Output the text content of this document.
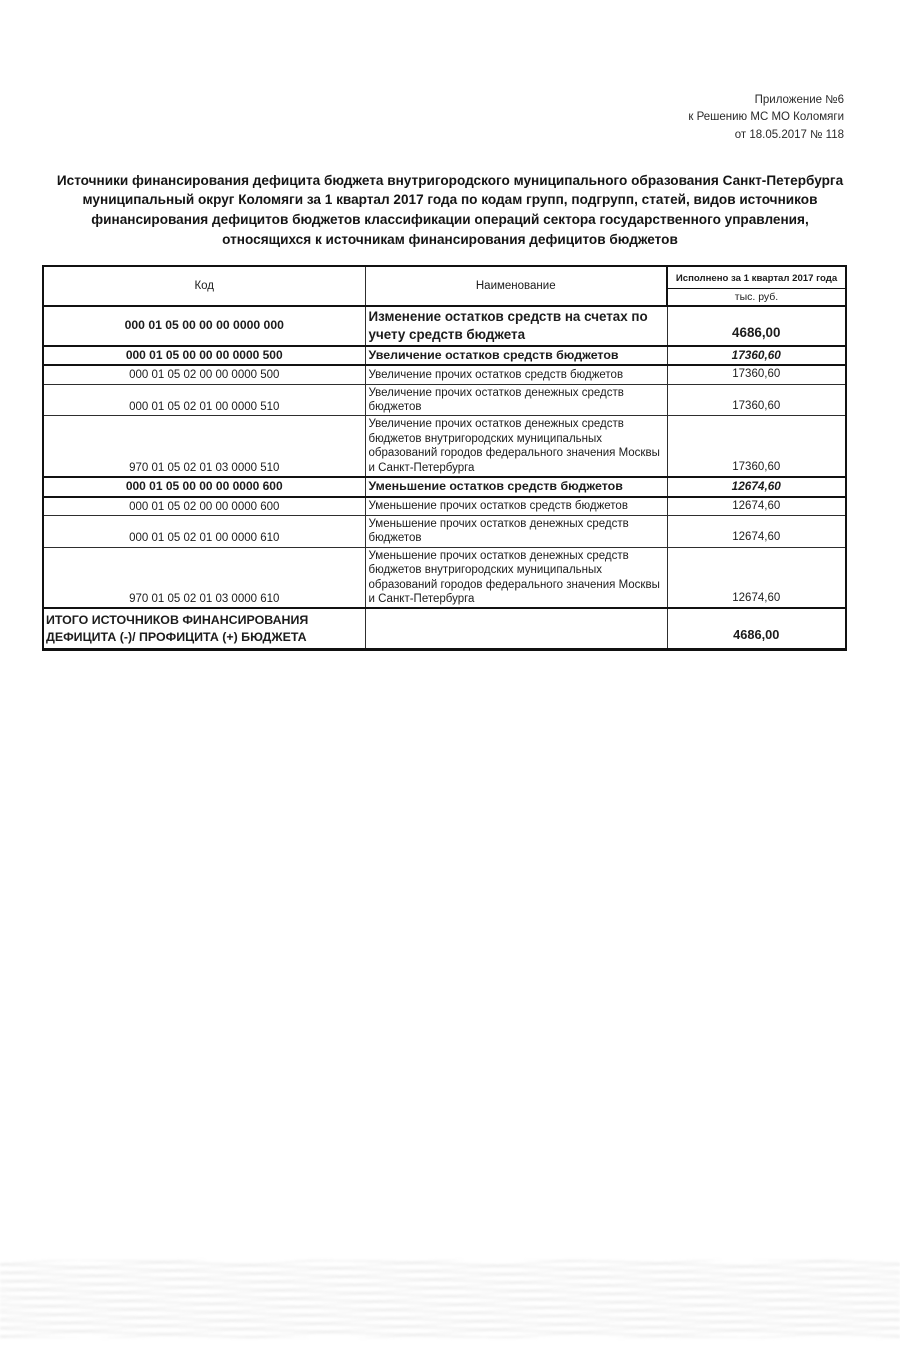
Приложение №6
к Решению МС МО Коломяги
от 18.05.2017 № 118
Источники финансирования дефицита бюджета внутригородского муниципального образования Санкт-Петербурга муниципальный округ Коломяги за 1 квартал 2017 года по кодам групп, подгрупп, статей, видов источников финансирования дефицитов бюджетов классификации операций сектора государственного управления, относящихся к источникам финансирования дефицитов бюджетов
Код	Наименование	Исполнено за 1 квартал 2017 года
тыс. руб.

000 01 05 00 00 00 0000 000	Изменение остатков средств на счетах по учету средств бюджета	4686,00
000 01 05 00 00 00 0000 500	Увеличение остатков средств бюджетов	17360,60
000 01 05 02 00 00 0000 500	Увеличение прочих остатков средств бюджетов	17360,60
000 01 05 02 01 00 0000 510	Увеличение прочих остатков денежных средств бюджетов	17360,60
970 01 05 02 01 03 0000 510	Увеличение прочих остатков денежных средств бюджетов внутригородских муниципальных образований городов федерального значения Москвы и Санкт-Петербурга	17360,60
000 01 05 00 00 00 0000 600	Уменьшение остатков средств бюджетов	12674,60
000 01 05 02 00 00 0000 600	Уменьшение прочих остатков средств бюджетов	12674,60
000 01 05 02 01 00 0000 610	Уменьшение прочих остатков денежных средств бюджетов	12674,60
970 01 05 02 01 03 0000 610	Уменьшение прочих остатков денежных средств бюджетов внутригородских муниципальных образований городов федерального значения Москвы и Санкт-Петербурга	12674,60
ИТОГО ИСТОЧНИКОВ ФИНАНСИРОВАНИЯ ДЕФИЦИТА (-)/ ПРОФИЦИТА (+) БЮДЖЕТА		4686,00
